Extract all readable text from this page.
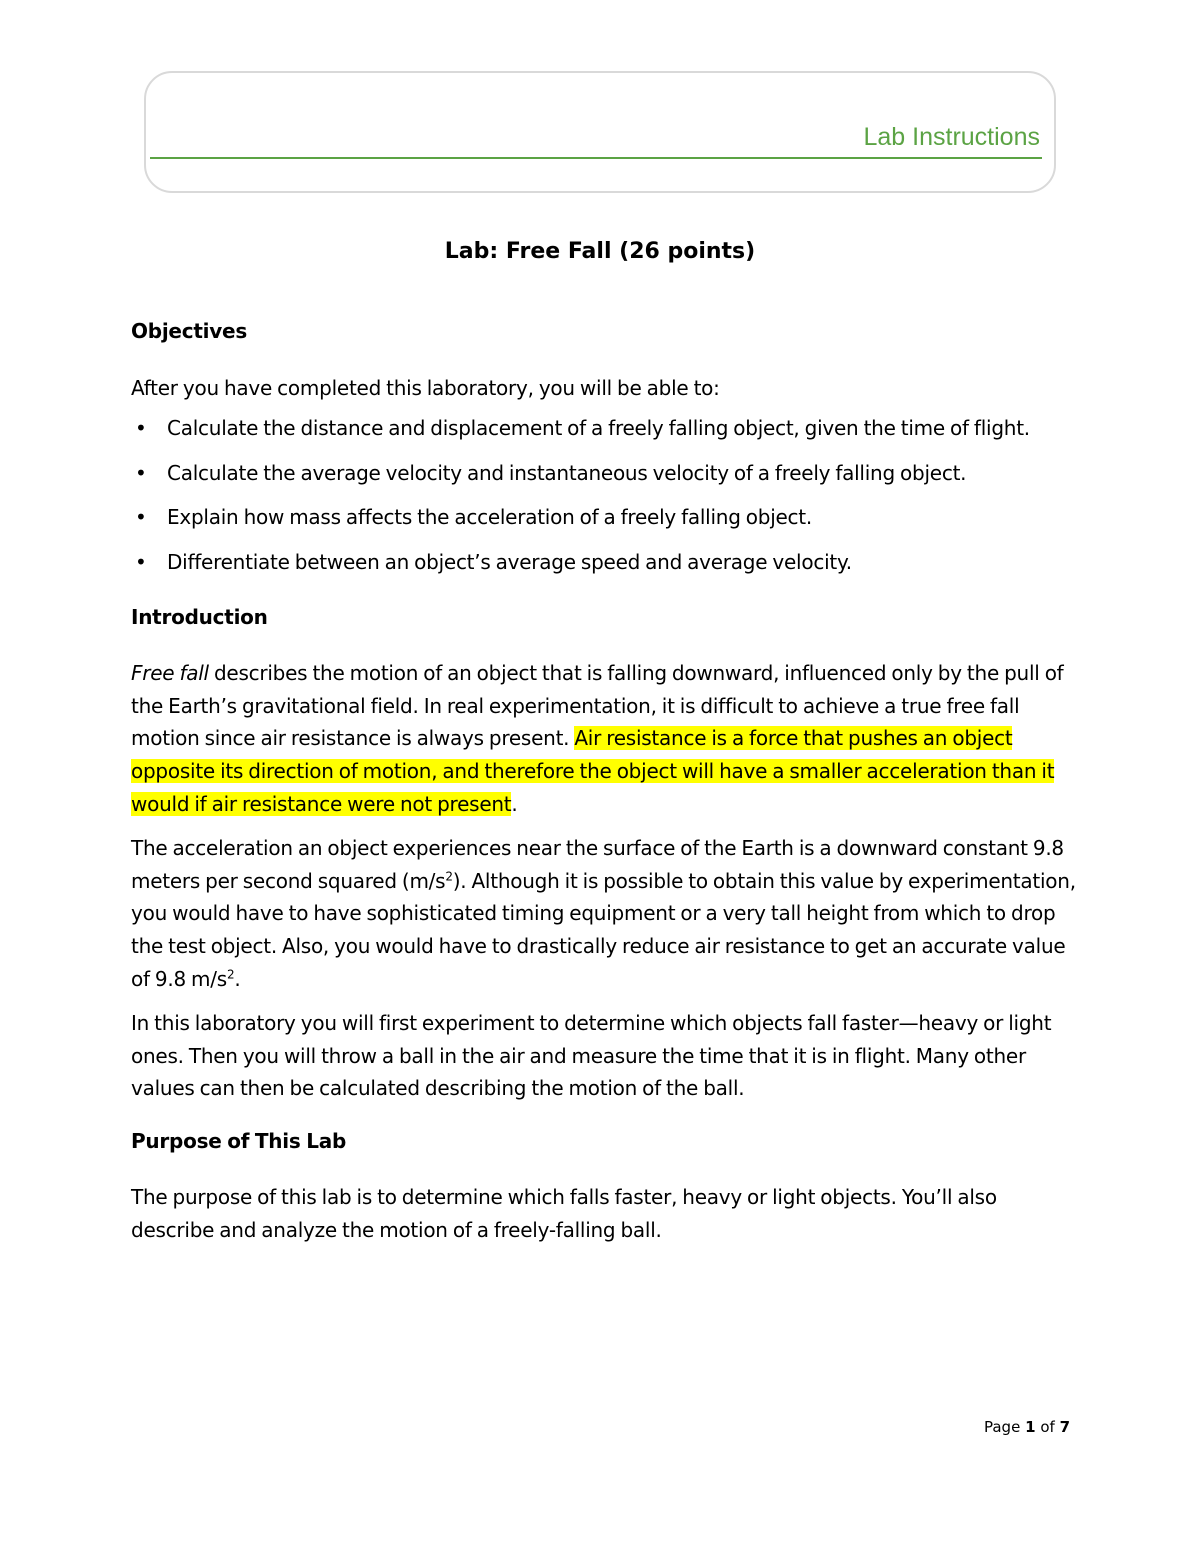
Lab Instructions
Lab: Free Fall (26 points)

Objectives

After you have completed this laboratory, you will be able to:

• Calculate the distance and displacement of a freely falling object, given the time of flight.
• Calculate the average velocity and instantaneous velocity of a freely falling object.
• Explain how mass affects the acceleration of a freely falling object.
• Differentiate between an object’s average speed and average velocity.

Introduction

Free fall describes the motion of an object that is falling downward, influenced only by the pull of the Earth’s gravitational field. In real experimentation, it is difficult to achieve a true free fall motion since air resistance is always present. Air resistance is a force that pushes an object opposite its direction of motion, and therefore the object will have a smaller acceleration than it would if air resistance were not present.

The acceleration an object experiences near the surface of the Earth is a downward constant 9.8 meters per second squared $(m/s^2)$. Although it is possible to obtain this value by experimentation, you would have to have sophisticated timing equipment or a very tall height from which to drop the test object. Also, you would have to drastically reduce air resistance to get an accurate value of 9.8 $m/s^2$.

In this laboratory you will first experiment to determine which objects fall faster—heavy or light ones. Then you will throw a ball in the air and measure the time that it is in flight. Many other values can then be calculated describing the motion of the ball.

Purpose of This Lab

The purpose of this lab is to determine which falls faster, heavy or light objects. You’ll also describe and analyze the motion of a freely-falling ball.

Page 1 of 7
